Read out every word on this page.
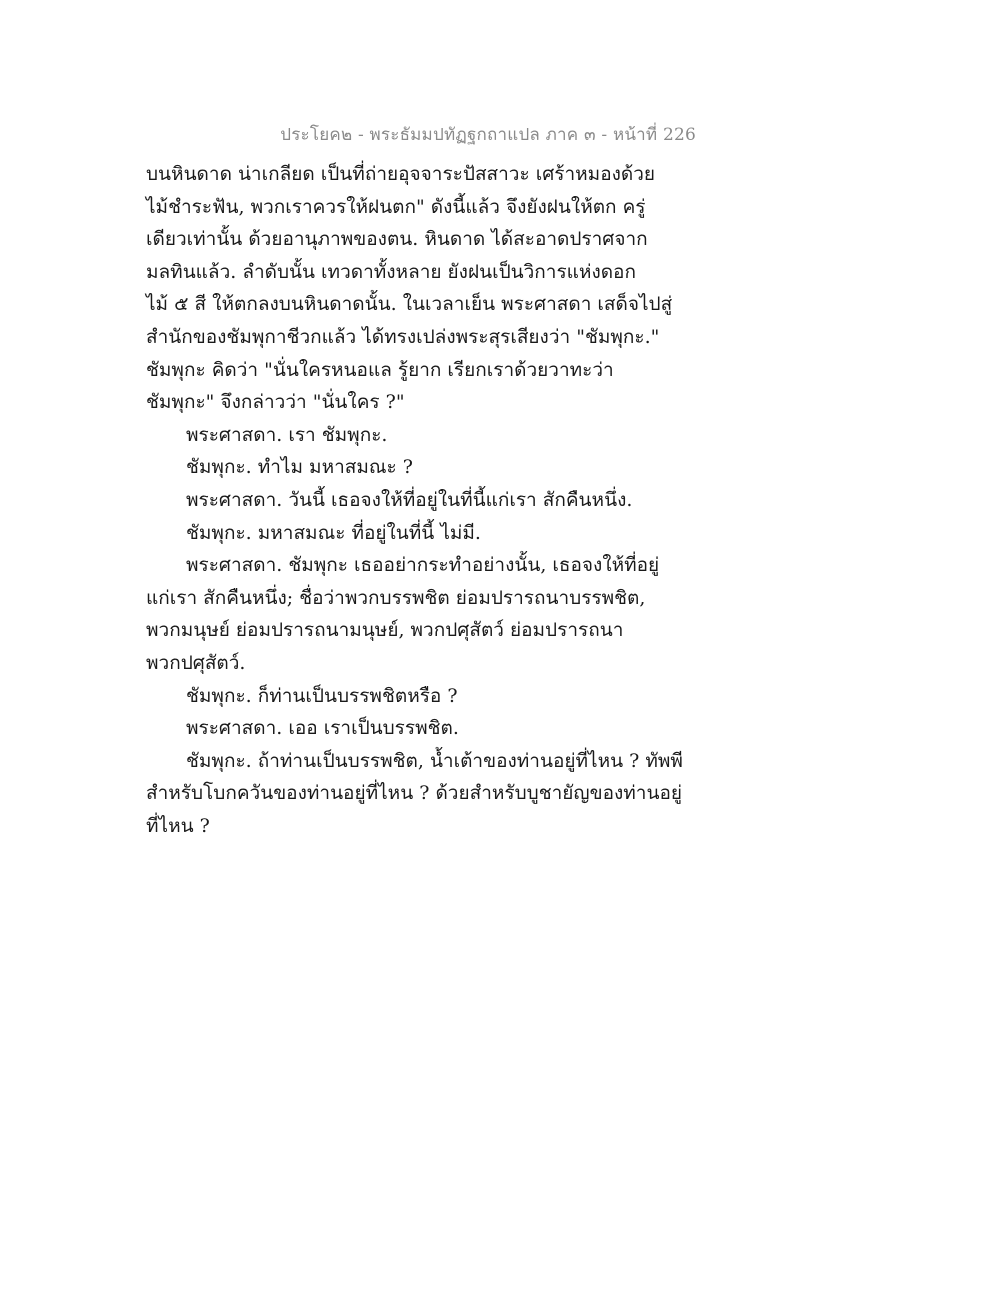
ประโยค๒ - พระธัมมปทัฏฐกถาแปล ภาค ๓ - หน้าที่ 226
บนหินดาด น่าเกลียด เป็นที่ถ่ายอุจจาระปัสสาวะ เศร้าหมองด้วย
ไม้ชำระฟัน, พวกเราควรให้ฝนตก" ดังนี้แล้ว จึงยังฝนให้ตก ครู่
เดียวเท่านั้น ด้วยอานุภาพของตน. หินดาด ได้สะอาดปราศจาก
มลทินแล้ว. ลำดับนั้น เทวดาทั้งหลาย ยังฝนเป็นวิการแห่งดอก
ไม้ ๕ สี ให้ตกลงบนหินดาดนั้น. ในเวลาเย็น พระศาสดา เสด็จไปสู่
สำนักของชัมพุกาชีวกแล้ว ได้ทรงเปล่งพระสุรเสียงว่า "ชัมพุกะ."
ชัมพุกะ คิดว่า "นั่นใครหนอแล รู้ยาก เรียกเราด้วยวาทะว่า
ชัมพุกะ" จึงกล่าวว่า "นั่นใคร ?"
พระศาสดา. เรา ชัมพุกะ.
ชัมพุกะ. ทำไม มหาสมณะ ?
พระศาสดา. วันนี้ เธอจงให้ที่อยู่ในที่นี้แก่เรา สักคืนหนึ่ง.
ชัมพุกะ. มหาสมณะ ที่อยู่ในที่นี้ ไม่มี.
พระศาสดา. ชัมพุกะ เธออย่ากระทำอย่างนั้น, เธอจงให้ที่อยู่
แก่เรา สักคืนหนึ่ง; ชื่อว่าพวกบรรพชิต ย่อมปรารถนาบรรพชิต,
พวกมนุษย์ ย่อมปรารถนามนุษย์, พวกปศุสัตว์ ย่อมปรารถนา
พวกปศุสัตว์.
ชัมพุกะ. ก็ท่านเป็นบรรพชิตหรือ ?
พระศาสดา. เออ เราเป็นบรรพชิต.
ชัมพุกะ. ถ้าท่านเป็นบรรพชิต, น้ำเต้าของท่านอยู่ที่ไหน ? ทัพพี
สำหรับโบกควันของท่านอยู่ที่ไหน ? ด้วยสำหรับบูชายัญของท่านอยู่
ที่ไหน ?
